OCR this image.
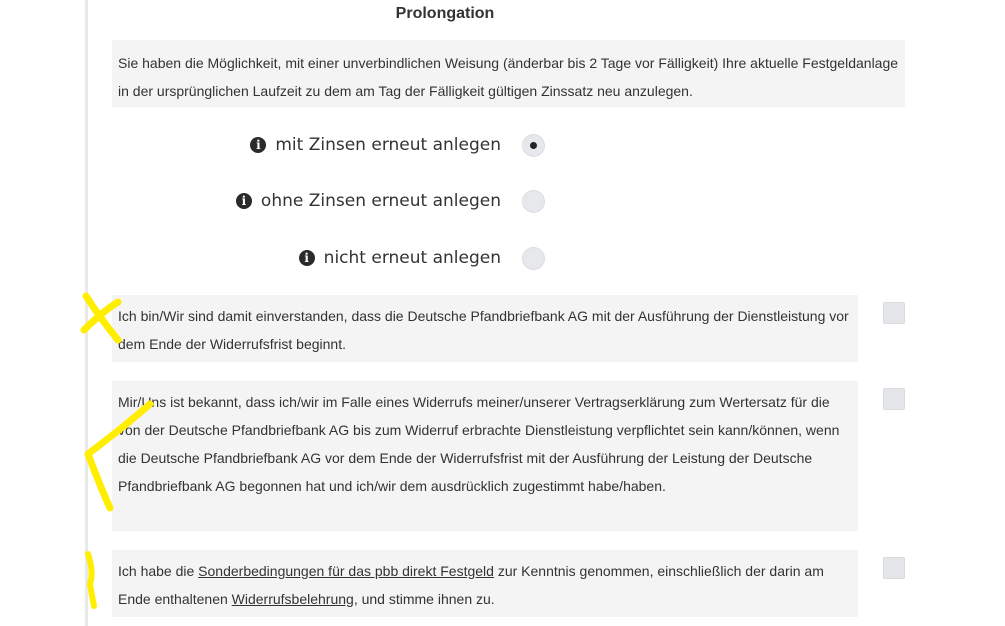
Prolongation
Sie haben die Möglichkeit, mit einer unverbindlichen Weisung (änderbar bis 2 Tage vor Fälligkeit) Ihre aktuelle Festgeldanlage in der ursprünglichen Laufzeit zu dem am Tag der Fälligkeit gültigen Zinssatz neu anzulegen.
i mit Zinsen erneut anlegen
i ohne Zinsen erneut anlegen
i nicht erneut anlegen
Ich bin/Wir sind damit einverstanden, dass die Deutsche Pfandbriefbank AG mit der Ausführung der Dienstleistung vor dem Ende der Widerrufsfrist beginnt.
Mir/Uns ist bekannt, dass ich/wir im Falle eines Widerrufs meiner/unserer Vertragserklärung zum Wertersatz für die von der Deutsche Pfandbriefbank AG bis zum Widerruf erbrachte Dienstleistung verpflichtet sein kann/können, wenn die Deutsche Pfandbriefbank AG vor dem Ende der Widerrufsfrist mit der Ausführung der Leistung der Deutsche Pfandbriefbank AG begonnen hat und ich/wir dem ausdrücklich zugestimmt habe/haben.
Ich habe die Sonderbedingungen für das pbb direkt Festgeld zur Kenntnis genommen, einschließlich der darin am Ende enthaltenen Widerrufsbelehrung, und stimme ihnen zu.
